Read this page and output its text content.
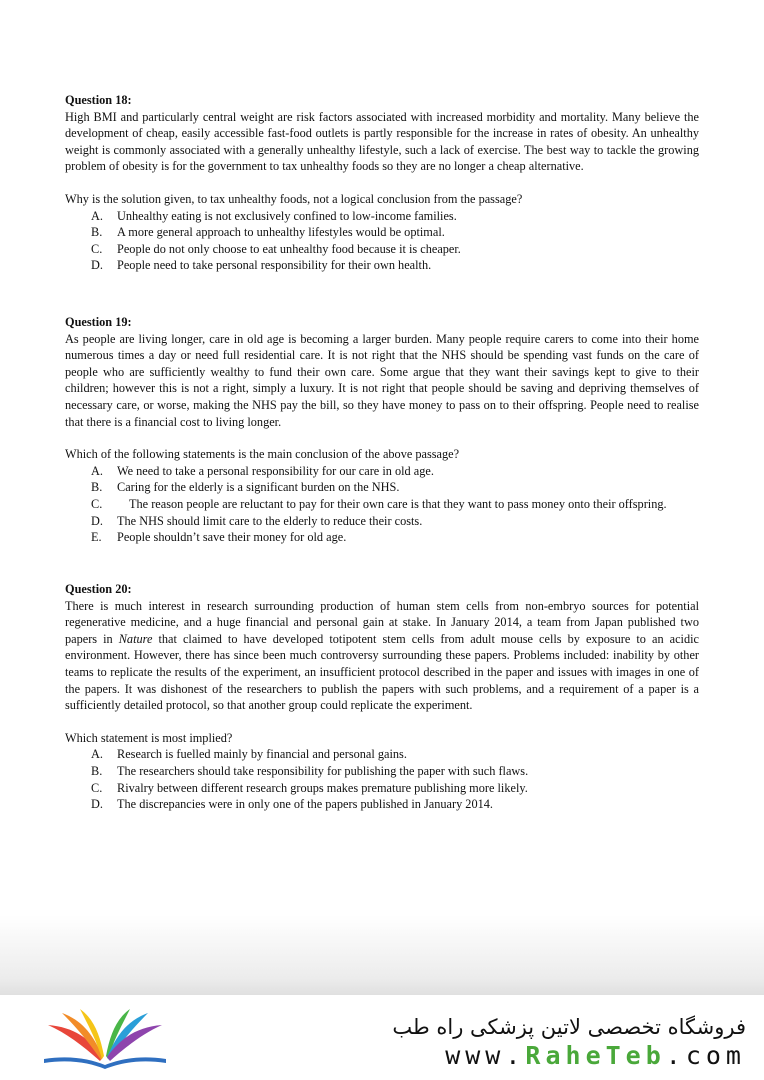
Question 18:
High BMI and particularly central weight are risk factors associated with increased morbidity and mortality. Many believe the development of cheap, easily accessible fast-food outlets is partly responsible for the increase in rates of obesity. An unhealthy weight is commonly associated with a generally unhealthy lifestyle, such a lack of exercise. The best way to tackle the growing problem of obesity is for the government to tax unhealthy foods so they are no longer a cheap alternative.
Why is the solution given, to tax unhealthy foods, not a logical conclusion from the passage?
A. Unhealthy eating is not exclusively confined to low-income families.
B. A more general approach to unhealthy lifestyles would be optimal.
C. People do not only choose to eat unhealthy food because it is cheaper.
D. People need to take personal responsibility for their own health.
Question 19:
As people are living longer, care in old age is becoming a larger burden. Many people require carers to come into their home numerous times a day or need full residential care. It is not right that the NHS should be spending vast funds on the care of people who are sufficiently wealthy to fund their own care. Some argue that they want their savings kept to give to their children; however this is not a right, simply a luxury. It is not right that people should be saving and depriving themselves of necessary care, or worse, making the NHS pay the bill, so they have money to pass on to their offspring. People need to realise that there is a financial cost to living longer.
Which of the following statements is the main conclusion of the above passage?
A. We need to take a personal responsibility for our care in old age.
B. Caring for the elderly is a significant burden on the NHS.
C. The reason people are reluctant to pay for their own care is that they want to pass money onto their offspring.
D. The NHS should limit care to the elderly to reduce their costs.
E. People shouldn’t save their money for old age.
Question 20:
There is much interest in research surrounding production of human stem cells from non-embryo sources for potential regenerative medicine, and a huge financial and personal gain at stake. In January 2014, a team from Japan published two papers in Nature that claimed to have developed totipotent stem cells from adult mouse cells by exposure to an acidic environment. However, there has since been much controversy surrounding these papers. Problems included: inability by other teams to replicate the results of the experiment, an insufficient protocol described in the paper and issues with images in one of the papers. It was dishonest of the researchers to publish the papers with such problems, and a requirement of a paper is a sufficiently detailed protocol, so that another group could replicate the experiment.
Which statement is most implied?
A. Research is fuelled mainly by financial and personal gains.
B. The researchers should take responsibility for publishing the paper with such flaws.
C. Rivalry between different research groups makes premature publishing more likely.
D. The discrepancies were in only one of the papers published in January 2014.
فروشگاه تخصصی لاتین پزشکی راه طب
www.RaheTeb.com
